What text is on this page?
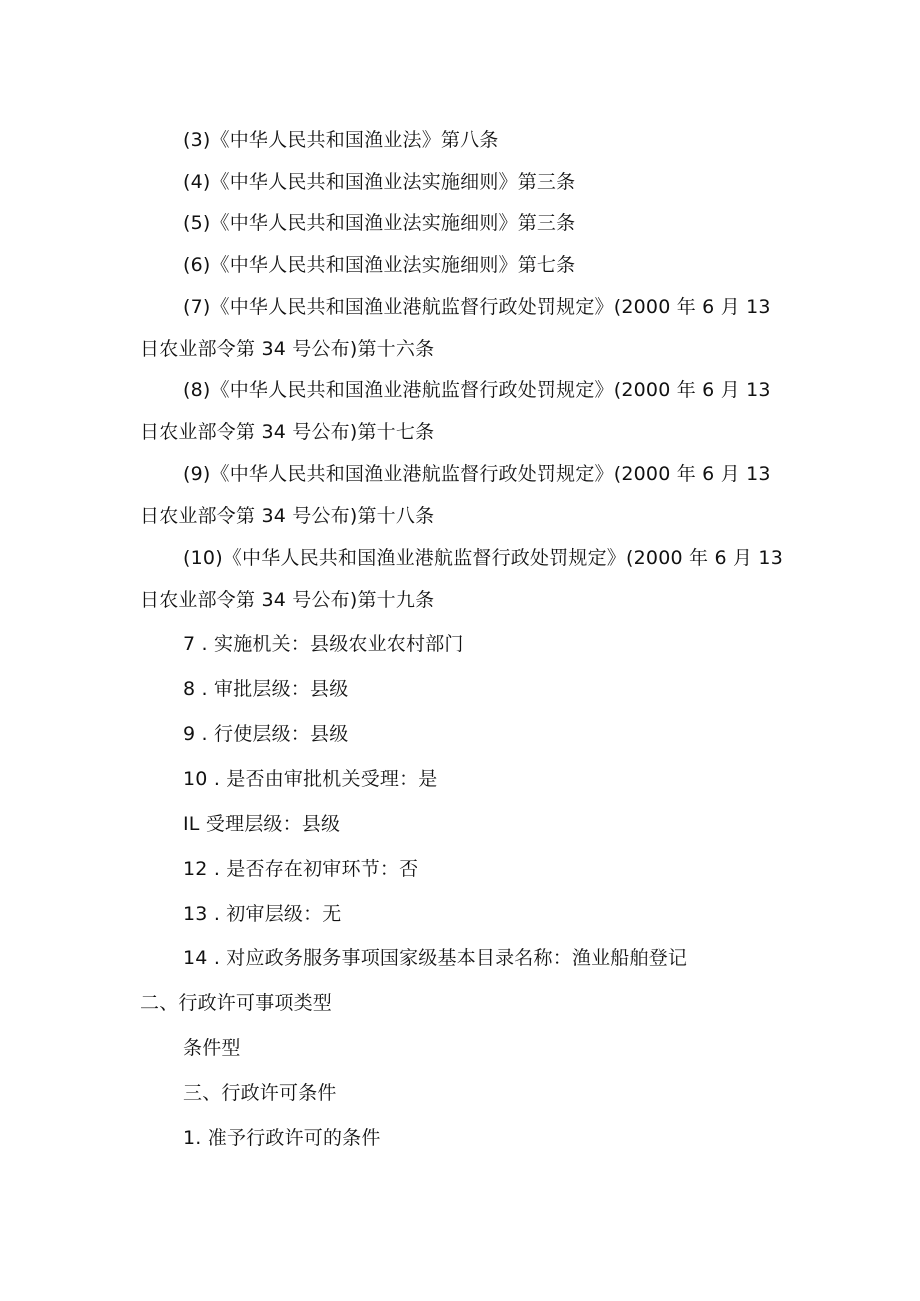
(3)《中华人民共和国渔业法》第八条
(4)《中华人民共和国渔业法实施细则》第三条
(5)《中华人民共和国渔业法实施细则》第三条
(6)《中华人民共和国渔业法实施细则》第七条
(7)《中华人民共和国渔业港航监督行政处罚规定》(2000 年 6 月 13
日农业部令第 34 号公布)第十六条
(8)《中华人民共和国渔业港航监督行政处罚规定》(2000 年 6 月 13
日农业部令第 34 号公布)第十七条
(9)《中华人民共和国渔业港航监督行政处罚规定》(2000 年 6 月 13
日农业部令第 34 号公布)第十八条
(10)《中华人民共和国渔业港航监督行政处罚规定》(2000 年 6 月 13
日农业部令第 34 号公布)第十九条
7 . 实施机关：县级农业农村部门
8 . 审批层级：县级
9 . 行使层级：县级
10 . 是否由审批机关受理：是
IL 受理层级：县级
12 . 是否存在初审环节：否
13 . 初审层级：无
14 . 对应政务服务事项国家级基本目录名称：渔业船舶登记
二、行政许可事项类型
条件型
三、行政许可条件
1. 准予行政许可的条件
